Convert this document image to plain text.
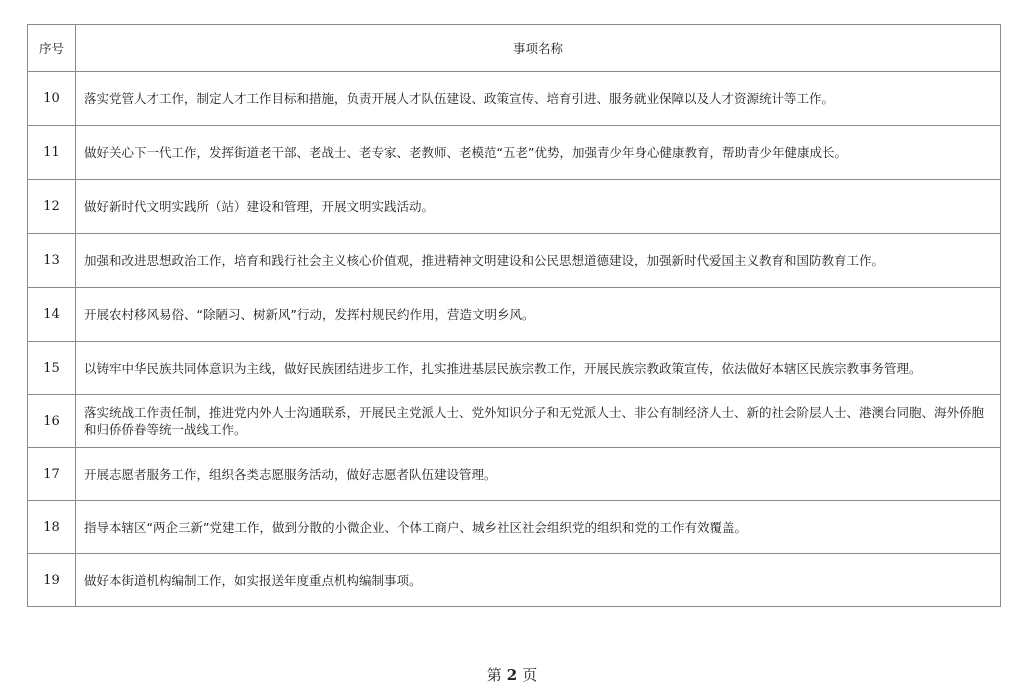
序号	事项名称
10	落实党管人才工作，制定人才工作目标和措施，负责开展人才队伍建设、政策宣传、培育引进、服务就业保障以及人才资源统计等工作。
11	做好关心下一代工作，发挥街道老干部、老战士、老专家、老教师、老模范“五老”优势，加强青少年身心健康教育，帮助青少年健康成长。
12	做好新时代文明实践所（站）建设和管理，开展文明实践活动。
13	加强和改进思想政治工作，培育和践行社会主义核心价值观，推进精神文明建设和公民思想道德建设，加强新时代爱国主义教育和国防教育工作。
14	开展农村移风易俗、“除陋习、树新风”行动，发挥村规民约作用，营造文明乡风。
15	以铸牢中华民族共同体意识为主线，做好民族团结进步工作，扎实推进基层民族宗教工作，开展民族宗教政策宣传，依法做好本辖区民族宗教事务管理。
16	落实统战工作责任制，推进党内外人士沟通联系，开展民主党派人士、党外知识分子和无党派人士、非公有制经济人士、新的社会阶层人士、港澳台同胞、海外侨胞和归侨侨眷等统一战线工作。
17	开展志愿者服务工作，组织各类志愿服务活动，做好志愿者队伍建设管理。
18	指导本辖区“两企三新”党建工作，做到分散的小微企业、个体工商户、城乡社区社会组织党的组织和党的工作有效覆盖。
19	做好本街道机构编制工作，如实报送年度重点机构编制事项。
第 2 页
